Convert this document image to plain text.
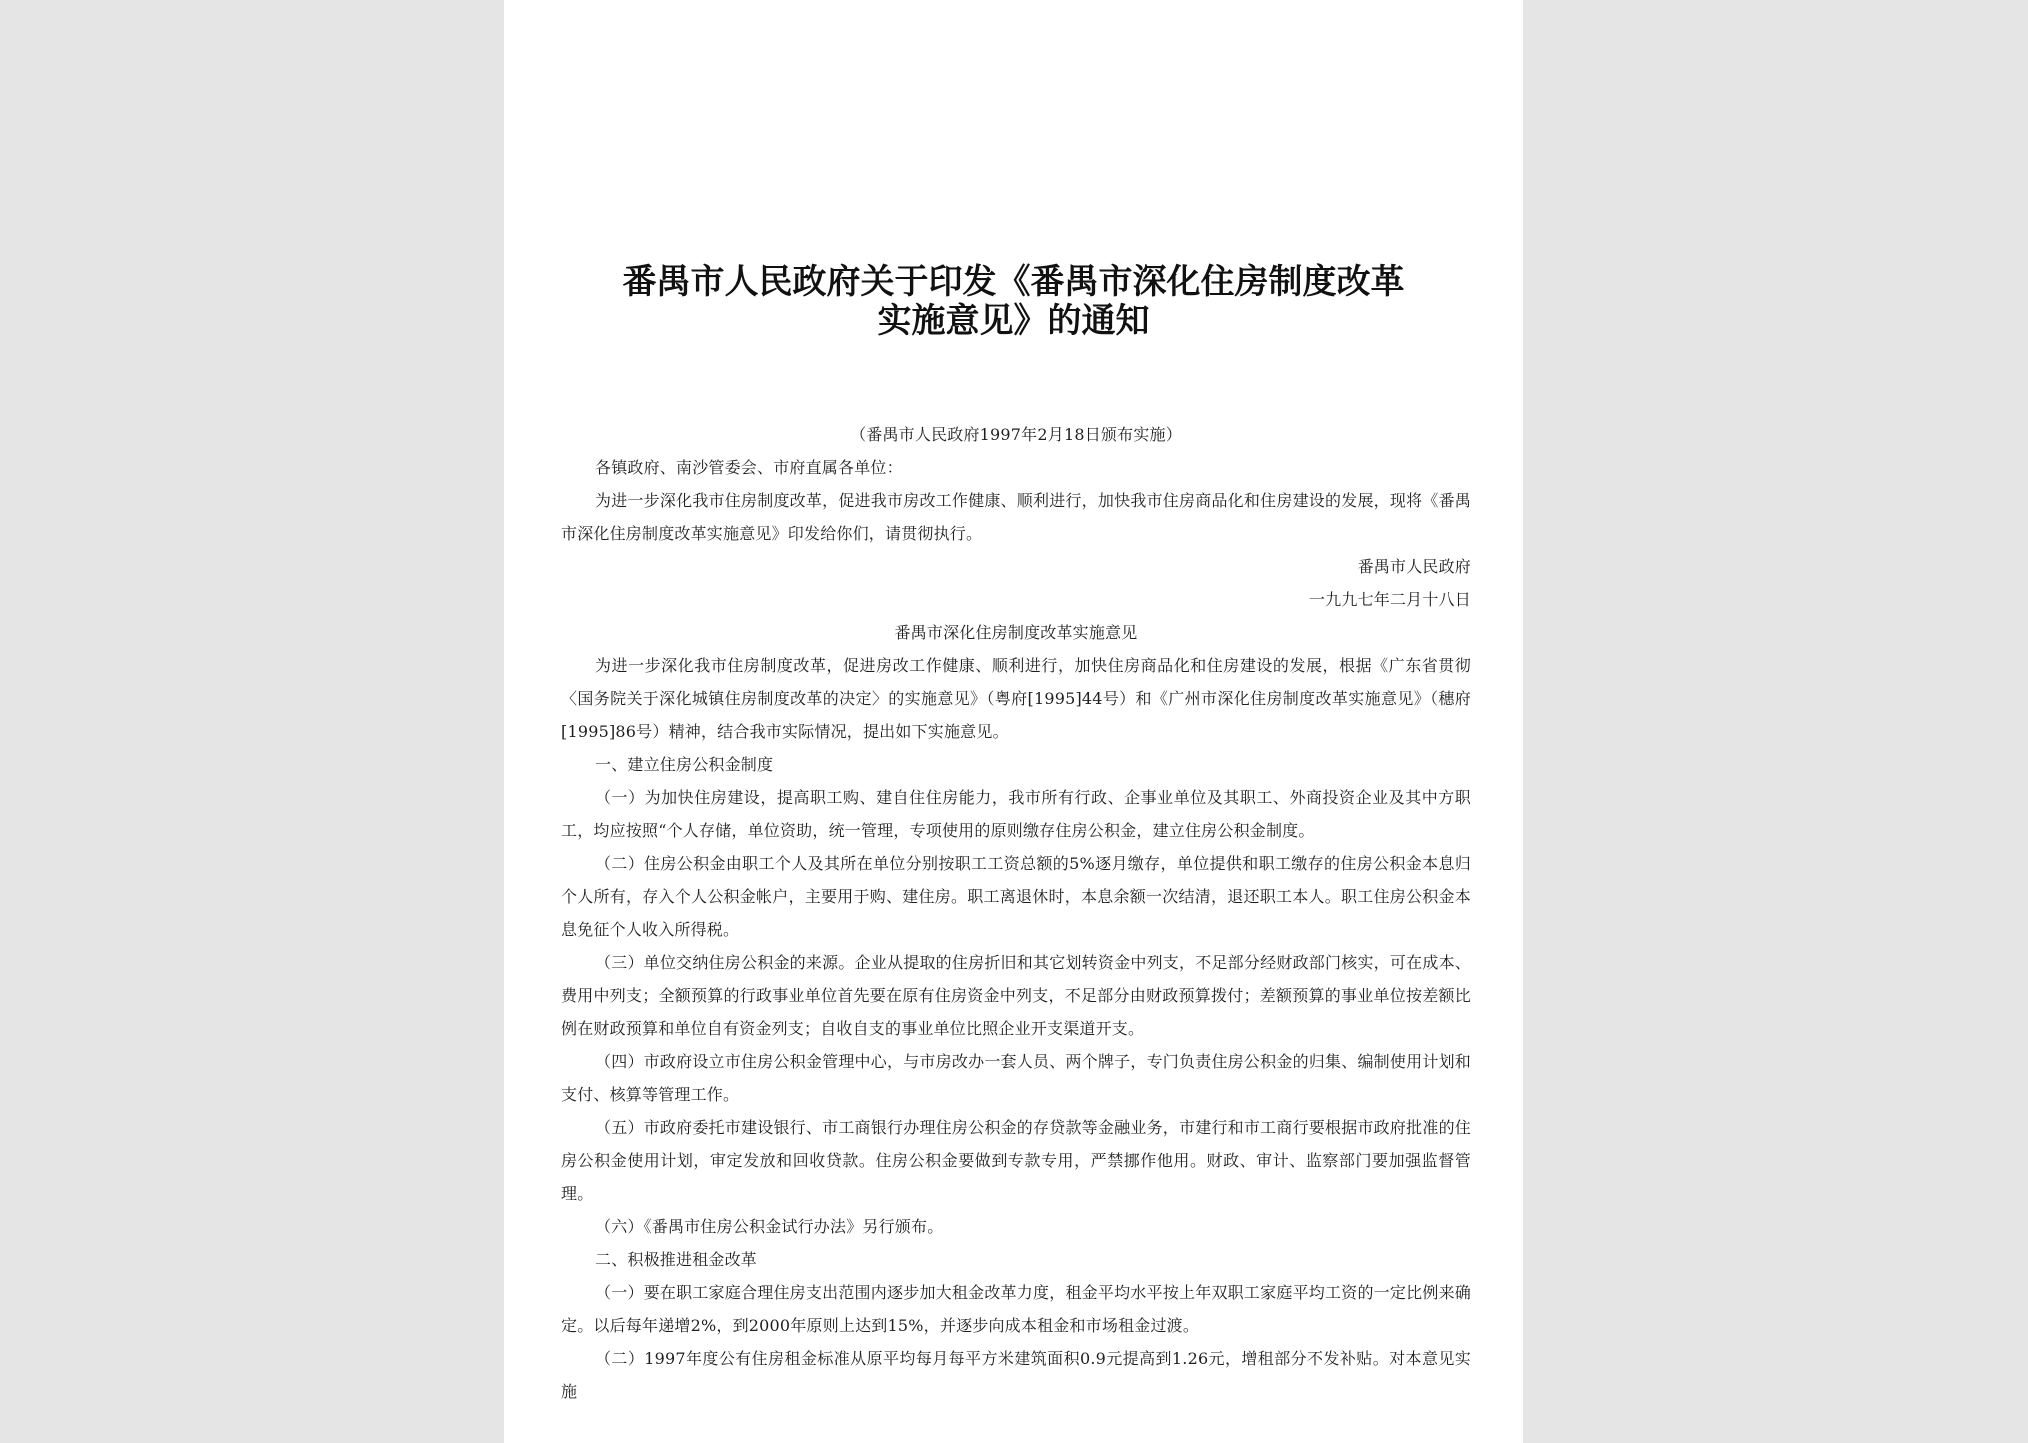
番禺市人民政府关于印发《番禺市深化住房制度改革
实施意见》的通知

（番禺市人民政府1997年2月18日颁布实施）

各镇政府、南沙管委会、市府直属各单位：

为进一步深化我市住房制度改革，促进我市房改工作健康、顺利进行，加快我市住房商品化和住房建设的发展，现将《番禺市深化住房制度改革实施意见》印发给你们，请贯彻执行。

番禺市人民政府

一九九七年二月十八日

番禺市深化住房制度改革实施意见

为进一步深化我市住房制度改革，促进房改工作健康、顺利进行，加快住房商品化和住房建设的发展，根据《广东省贯彻〈国务院关于深化城镇住房制度改革的决定〉的实施意见》（粤府[1995]44号）和《广州市深化住房制度改革实施意见》（穗府[1995]86号）精神，结合我市实际情况，提出如下实施意见。

一、建立住房公积金制度

（一）为加快住房建设，提高职工购、建自住住房能力，我市所有行政、企事业单位及其职工、外商投资企业及其中方职工，均应按照“个人存储，单位资助，统一管理，专项使用的原则缴存住房公积金，建立住房公积金制度。

（二）住房公积金由职工个人及其所在单位分别按职工工资总额的5%逐月缴存，单位提供和职工缴存的住房公积金本息归个人所有，存入个人公积金帐户，主要用于购、建住房。职工离退休时，本息余额一次结清，退还职工本人。职工住房公积金本息免征个人收入所得税。

（三）单位交纳住房公积金的来源。企业从提取的住房折旧和其它划转资金中列支，不足部分经财政部门核实，可在成本、费用中列支；全额预算的行政事业单位首先要在原有住房资金中列支，不足部分由财政预算拨付；差额预算的事业单位按差额比例在财政预算和单位自有资金列支；自收自支的事业单位比照企业开支渠道开支。

（四）市政府设立市住房公积金管理中心，与市房改办一套人员、两个牌子，专门负责住房公积金的归集、编制使用计划和支付、核算等管理工作。

（五）市政府委托市建设银行、市工商银行办理住房公积金的存贷款等金融业务，市建行和市工商行要根据市政府批准的住房公积金使用计划，审定发放和回收贷款。住房公积金要做到专款专用，严禁挪作他用。财政、审计、监察部门要加强监督管理。

（六）《番禺市住房公积金试行办法》另行颁布。

二、积极推进租金改革

（一）要在职工家庭合理住房支出范围内逐步加大租金改革力度，租金平均水平按上年双职工家庭平均工资的一定比例来确定。以后每年递增2%，到2000年原则上达到15%，并逐步向成本租金和市场租金过渡。

（二）1997年度公有住房租金标准从原平均每月每平方米建筑面积0.9元提高到1.26元，增租部分不发补贴。对本意见实施
